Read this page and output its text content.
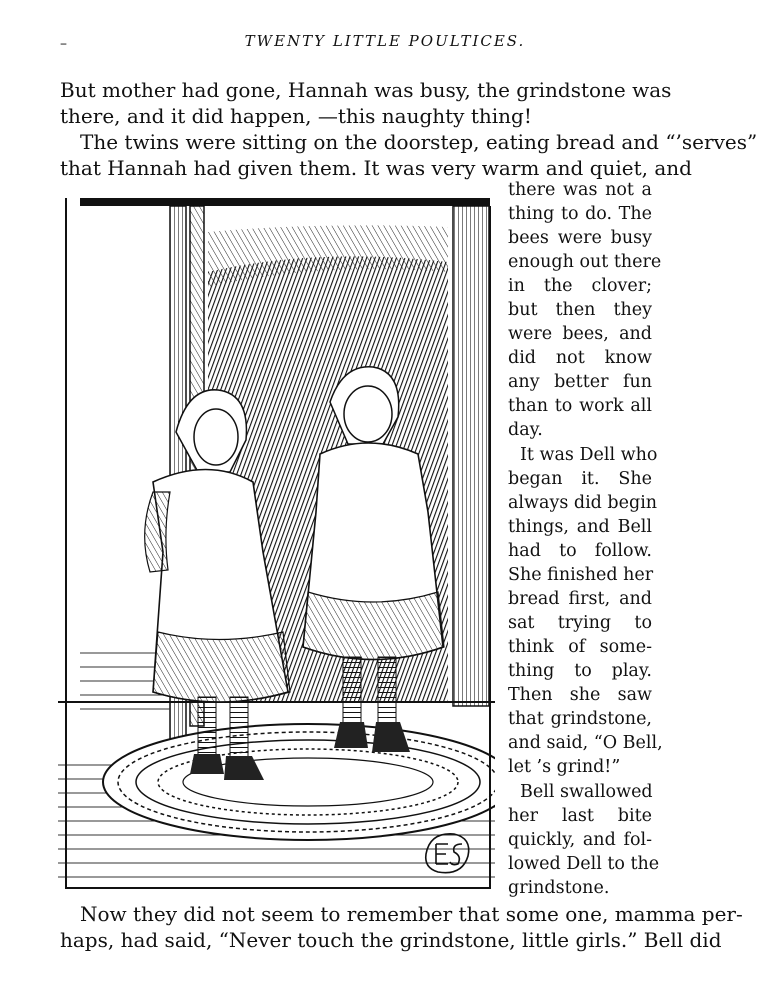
–	TWENTY LITTLE POULTICES.
But mother had gone, Hannah was busy, the grindstone was
there, and it did happen, —this naughty thing!
The twins were sitting on the doorstep, eating bread and “’serves”
that Hannah had given them. It was very warm and quiet, and
there was not a
thing to do. The
bees were busy
enough out there
in the clover;
but then they
were bees, and
did not know
any better fun
than to work all
day.
It was Dell who
began it. She
always did begin
things, and Bell
had to follow.
She finished her
bread first, and
sat trying to
think of some-
thing to play.
Then she saw
that grindstone,
and said, “O Bell,
let ’s grind!”
Bell swallowed
her last bite
quickly, and fol-
lowed Dell to the
grindstone.
Now they did not seem to remember that some one, mamma per-
haps, had said, “Never touch the grindstone, little girls.” Bell did
